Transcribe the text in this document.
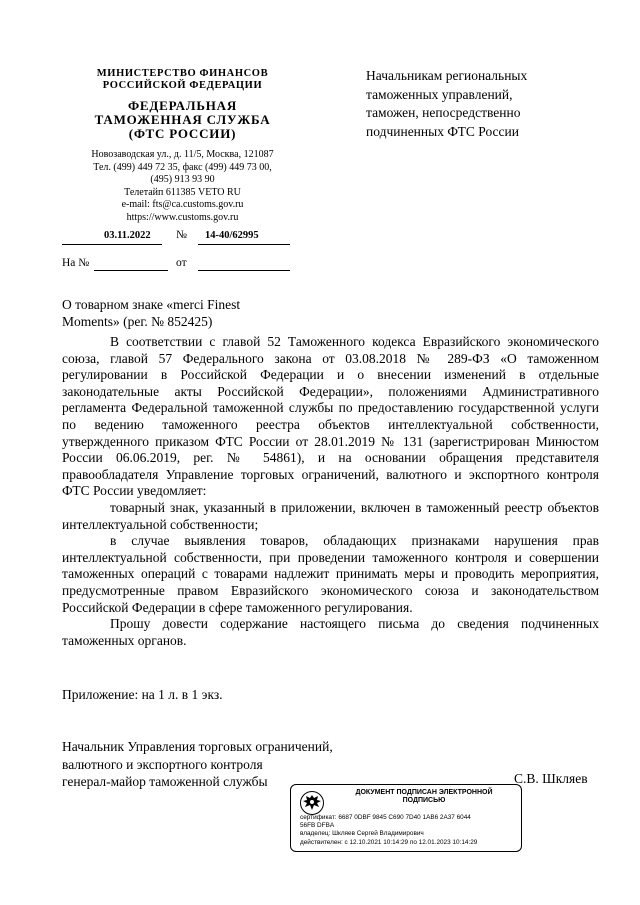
МИНИСТЕРСТВО ФИНАНСОВ
РОССИЙСКОЙ ФЕДЕРАЦИИ
ФЕДЕРАЛЬНАЯ
ТАМОЖЕННАЯ СЛУЖБА
(ФТС РОССИИ)
Новозаводская ул., д. 11/5, Москва, 121087
Тел. (499) 449 72 35, факс (499) 449 73 00,
(495) 913 93 90
Телетайп 611385 VETO RU
e-mail: fts@ca.customs.gov.ru
https://www.customs.gov.ru
03.11.2022 № 14-40/62995
На №	от
Начальникам региональных
таможенных управлений,
таможен, непосредственно
подчиненных ФТС России
О товарном знаке «merci Finest
Moments» (рег. № 852425)

В соответствии с главой 52 Таможенного кодекса Евразийского экономического союза, главой 57 Федерального закона от 03.08.2018 № 289-ФЗ «О таможенном регулировании в Российской Федерации и о внесении изменений в отдельные законодательные акты Российской Федерации», положениями Административного регламента Федеральной таможенной службы по предоставлению государственной услуги по ведению таможенного реестра объектов интеллектуальной собственности, утвержденного приказом ФТС России от 28.01.2019 № 131 (зарегистрирован Минюстом России 06.06.2019, рег. № 54861), и на основании обращения представителя правообладателя Управление торговых ограничений, валютного и экспортного контроля ФТС России уведомляет:

товарный знак, указанный в приложении, включен в таможенный реестр объектов интеллектуальной собственности;

в случае выявления товаров, обладающих признаками нарушения прав интеллектуальной собственности, при проведении таможенного контроля и совершении таможенных операций с товарами надлежит принимать меры и проводить мероприятия, предусмотренные правом Евразийского экономического союза и законодательством Российской Федерации в сфере таможенного регулирования.

Прошу довести содержание настоящего письма до сведения подчиненных таможенных органов.

Приложение: на 1 л. в 1 экз.
Начальник Управления торговых ограничений,
валютного и экспортного контроля
генерал-майор таможенной службы	С.В. Шкляев
ДОКУМЕНТ ПОДПИСАН ЭЛЕКТРОННОЙ
ПОДПИСЬЮ
сертификат: 6687 0DBF 9845 C690 7D40 1AB6 2A37 6044
56FB DFBA
владелец: Шкляев Сергей Владимирович
действителен: с 12.10.2021 10:14:29 по 12.01.2023 10:14:29
